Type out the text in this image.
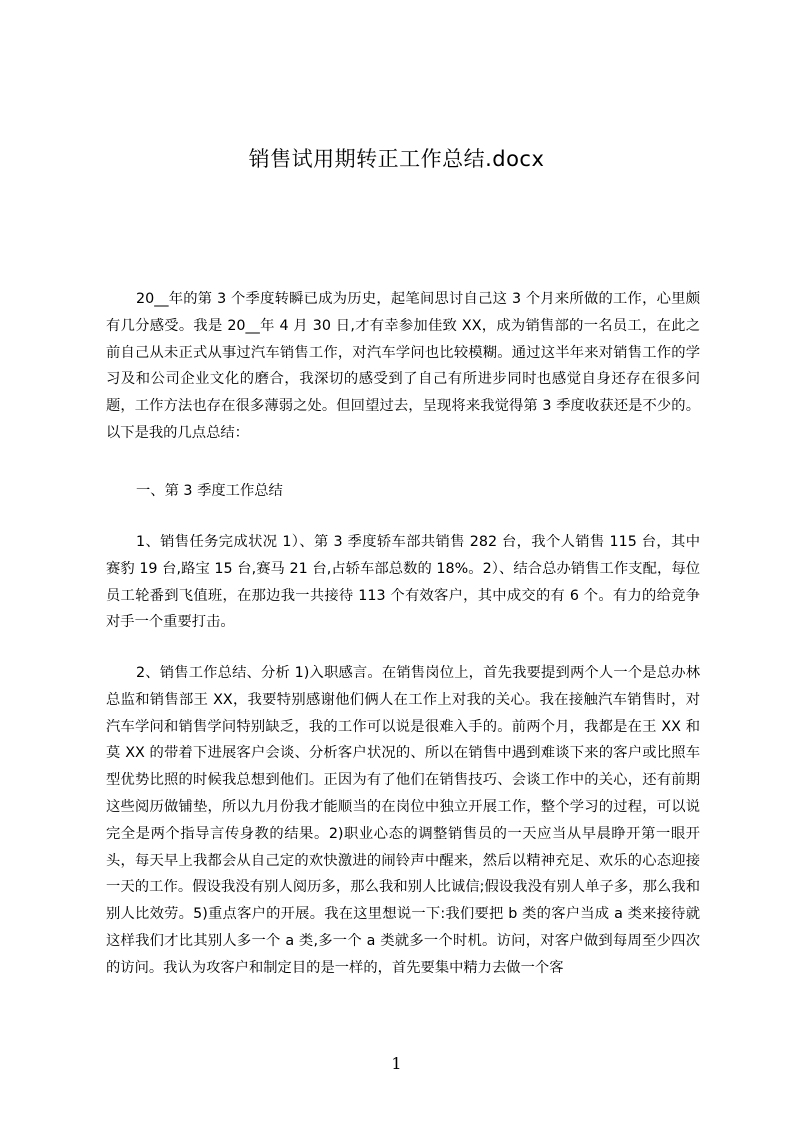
销售试用期转正工作总结.docx

20__年的第 3 个季度转瞬已成为历史，起笔间思讨自己这 3 个月来所做的工作，心里颇有几分感受。我是 20__年 4 月 30 日,才有幸参加佳致 XX，成为销售部的一名员工，在此之前自己从未正式从事过汽车销售工作，对汽车学问也比较模糊。通过这半年来对销售工作的学习及和公司企业文化的磨合，我深切的感受到了自己有所进步同时也感觉自身还存在很多问题，工作方法也存在很多薄弱之处。但回望过去，呈现将来我觉得第 3 季度收获还是不少的。以下是我的几点总结：

一、第 3 季度工作总结

1、销售任务完成状况 1）、第 3 季度轿车部共销售 282 台，我个人销售 115 台，其中赛豹 19 台,路宝 15 台,赛马 21 台,占轿车部总数的 18%。2）、结合总办销售工作支配，每位员工轮番到飞值班，在那边我一共接待 113 个有效客户，其中成交的有 6 个。有力的给竞争对手一个重要打击。

2、销售工作总结、分析 1)入职感言。在销售岗位上，首先我要提到两个人一个是总办林总监和销售部王 XX，我要特别感谢他们俩人在工作上对我的关心。我在接触汽车销售时，对汽车学问和销售学问特别缺乏，我的工作可以说是很难入手的。前两个月，我都是在王 XX 和莫 XX 的带着下进展客户会谈、分析客户状况的、所以在销售中遇到难谈下来的客户或比照车型优势比照的时候我总想到他们。正因为有了他们在销售技巧、会谈工作中的关心，还有前期这些阅历做铺垫，所以九月份我才能顺当的在岗位中独立开展工作，整个学习的过程，可以说完全是两个指导言传身教的结果。2)职业心态的调整销售员的一天应当从早晨睁开第一眼开头，每天早上我都会从自己定的欢快激进的闹铃声中醒来，然后以精神充足、欢乐的心态迎接一天的工作。假设我没有别人阅历多，那么我和别人比诚信;假设我没有别人单子多，那么我和别人比效劳。5)重点客户的开展。我在这里想说一下:我们要把 b 类的客户当成 a 类来接待就这样我们才比其别人多一个 a 类,多一个 a 类就多一个时机。访问，对客户做到每周至少四次的访问。我认为攻客户和制定目的是一样的，首先要集中精力去做一个客

1
